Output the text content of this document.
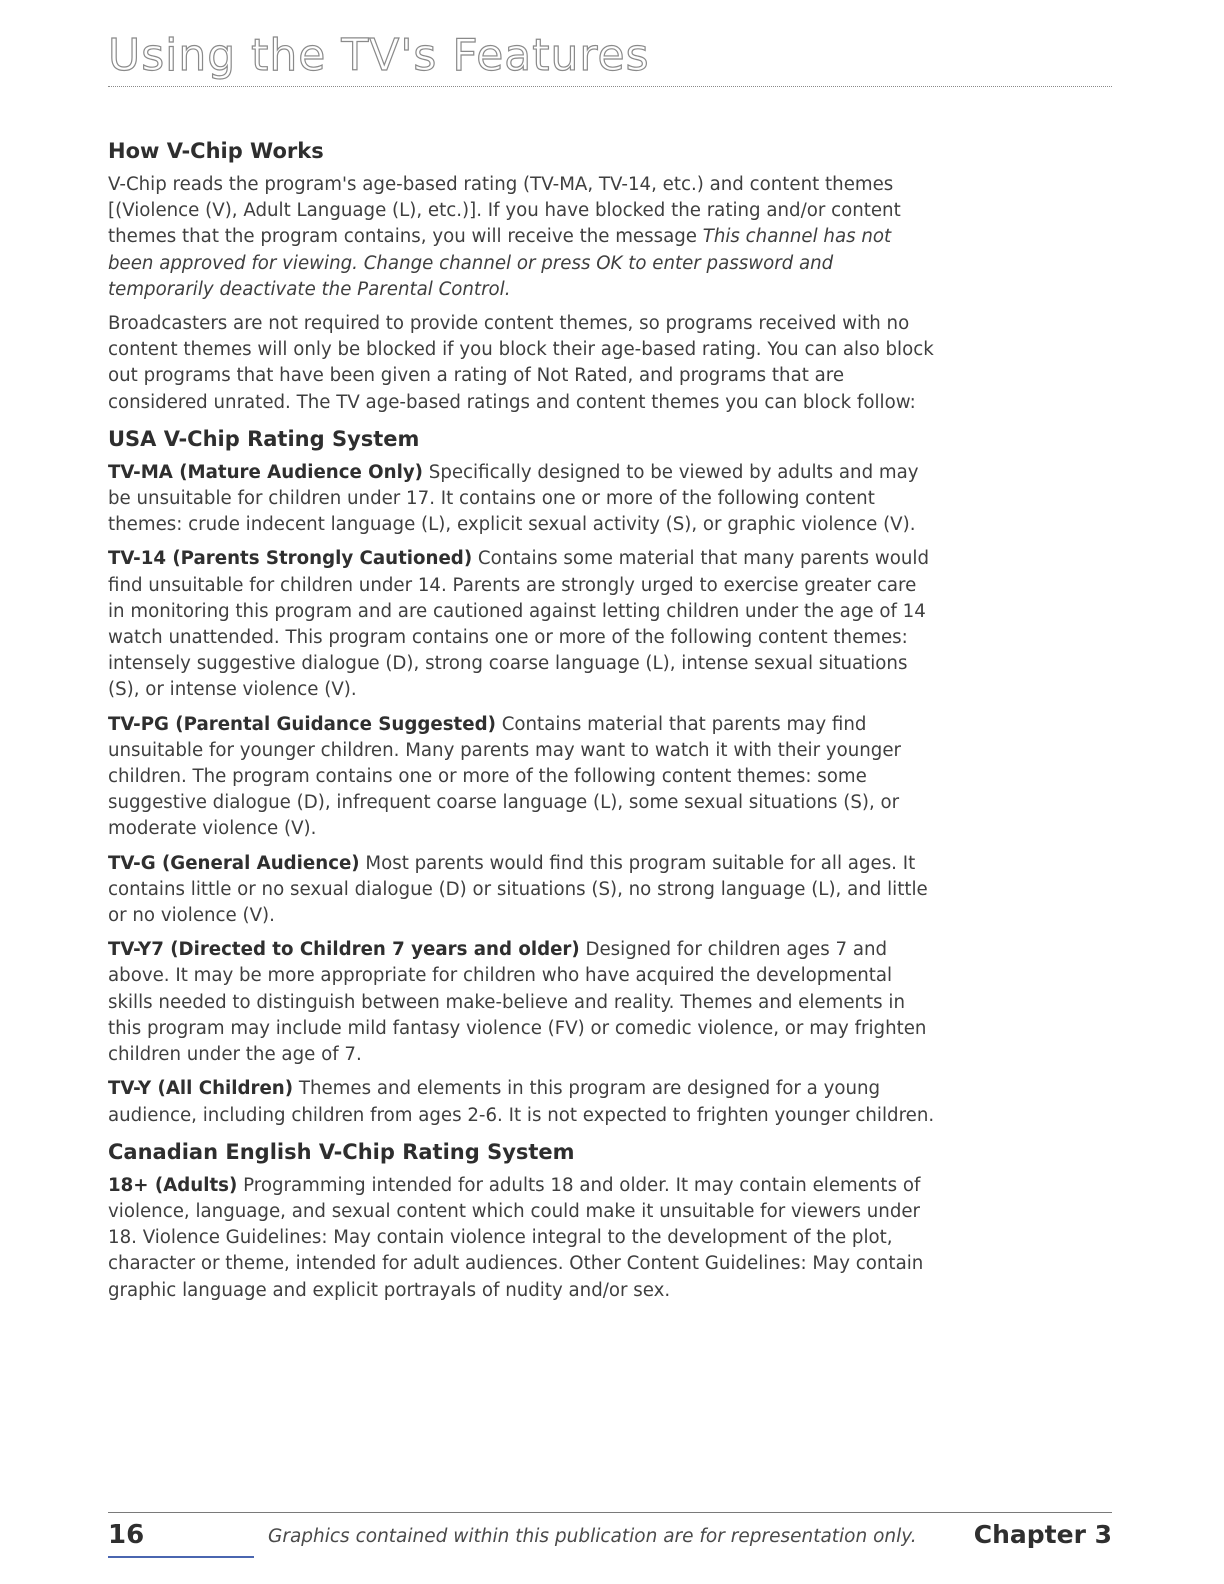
Using the TV's Features
How V-Chip Works

V-Chip reads the program's age-based rating (TV-MA, TV-14, etc.) and content themes [(Violence (V), Adult Language (L), etc.)]. If you have blocked the rating and/or content themes that the program contains, you will receive the message This channel has not been approved for viewing. Change channel or press OK to enter password and temporarily deactivate the Parental Control.

Broadcasters are not required to provide content themes, so programs received with no content themes will only be blocked if you block their age-based rating. You can also block out programs that have been given a rating of Not Rated, and programs that are considered unrated. The TV age-based ratings and content themes you can block follow:

USA V-Chip Rating System

TV-MA (Mature Audience Only) Specifically designed to be viewed by adults and may be unsuitable for children under 17. It contains one or more of the following content themes: crude indecent language (L), explicit sexual activity (S), or graphic violence (V).

TV-14 (Parents Strongly Cautioned) Contains some material that many parents would find unsuitable for children under 14. Parents are strongly urged to exercise greater care in monitoring this program and are cautioned against letting children under the age of 14 watch unattended. This program contains one or more of the following content themes: intensely suggestive dialogue (D), strong coarse language (L), intense sexual situations (S), or intense violence (V).

TV-PG (Parental Guidance Suggested) Contains material that parents may find unsuitable for younger children. Many parents may want to watch it with their younger children. The program contains one or more of the following content themes: some suggestive dialogue (D), infrequent coarse language (L), some sexual situations (S), or moderate violence (V).

TV-G (General Audience) Most parents would find this program suitable for all ages. It contains little or no sexual dialogue (D) or situations (S), no strong language (L), and little or no violence (V).

TV-Y7 (Directed to Children 7 years and older) Designed for children ages 7 and above. It may be more appropriate for children who have acquired the developmental skills needed to distinguish between make-believe and reality. Themes and elements in this program may include mild fantasy violence (FV) or comedic violence, or may frighten children under the age of 7.

TV-Y (All Children) Themes and elements in this program are designed for a young audience, including children from ages 2-6. It is not expected to frighten younger children.

Canadian English V-Chip Rating System

18+ (Adults) Programming intended for adults 18 and older. It may contain elements of violence, language, and sexual content which could make it unsuitable for viewers under 18. Violence Guidelines: May contain violence integral to the development of the plot, character or theme, intended for adult audiences. Other Content Guidelines: May contain graphic language and explicit portrayals of nudity and/or sex.

16	Graphics contained within this publication are for representation only. Chapter 3
